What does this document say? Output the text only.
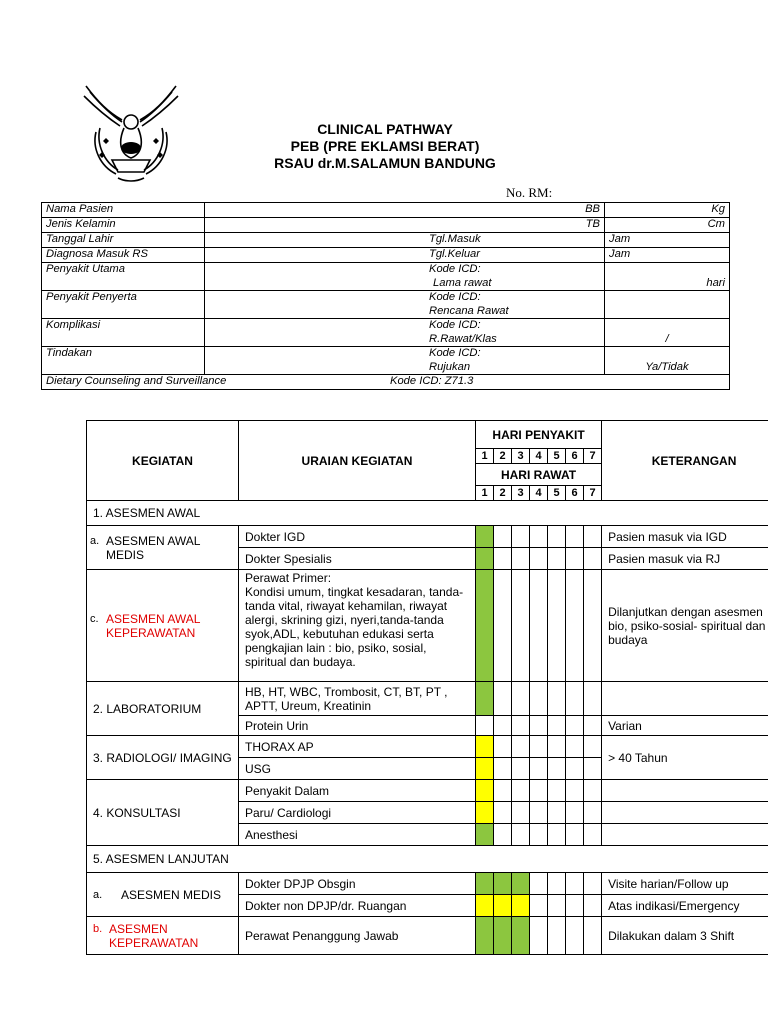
CLINICAL PATHWAY
PEB (PRE EKLAMSI BERAT)
RSAU dr.M.SALAMUN BANDUNG
No. RM:
Nama Pasien	BB	Kg
Jenis Kelamin	TB	Cm
Tanggal Lahir	Tgl.Masuk	Jam
Diagnosa Masuk RS	Tgl.Keluar	Jam
Penyakit Utama	Kode ICD:
Lama rawat	hari
Penyakit Penyerta	Kode ICD:
Rencana Rawat	

Komplikasi	Kode ICD:
R.Rawat/Klas	/
Tindakan	Kode ICD:
Rujukan	Ya/Tidak
Dietary Counseling and Surveillance Kode ICD: Z71.3		
KEGIATAN	URAIAN KEGIATAN	HARI PENYAKIT							KETERANGAN
		1	2	3	4	5	6	7	
		HARI RAWAT							
		1	2	3	4	5	6	7	
1. ASESMEN AWAL									

a. ASESMEN AWAL MEDIS	Dokter IGD								Pasien masuk via IGD
	Dokter Spesialis								Pasien masuk via RJ

c. ASESMEN AWAL KEPERAWATAN	Perawat Primer:
Kondisi umum, tingkat kesadaran, tanda-tanda vital, riwayat kehamilan, riwayat alergi, skrining gizi, nyeri,tanda-tanda syok,ADL, kebutuhan edukasi serta pengkajian lain : bio, psiko, sosial, spiritual dan budaya.								Dilanjutkan dengan asesmen bio, psiko-sosial- spiritual dan budaya
2. LABORATORIUM	HB, HT, WBC, Trombosit, CT, BT, PT , APTT, Ureum, Kreatinin								
	Protein Urin								Varian
3. RADIOLOGI/ IMAGING	THORAX AP								> 40 Tahun
	USG								
4. KONSULTASI	Penyakit Dalam								
	Paru/ Cardiologi								
	Anesthesi								
5. ASESMEN LANJUTAN									

a. ASESMEN MEDIS	Dokter DPJP Obsgin								Visite harian/Follow up
	Dokter non DPJP/dr. Ruangan								Atas indikasi/Emergency

b. ASESMEN KEPERAWATAN	Perawat Penanggung Jawab								Dilakukan dalam 3 Shift
